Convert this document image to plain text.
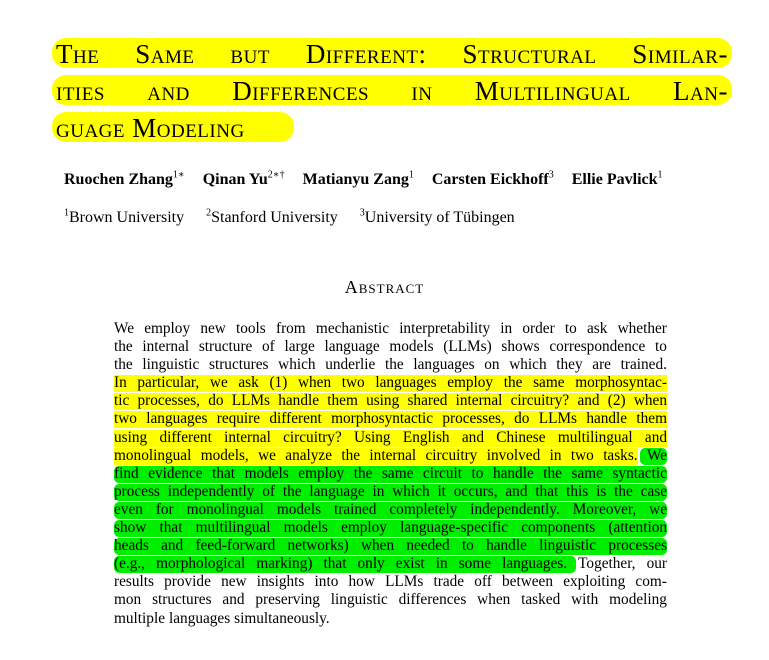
The Same but Different: Structural Similar-
ities and Differences in Multilingual Lan-
guage Modeling
Ruochen Zhang$^{1∗}$ Qinan $Yu^{2∗\dagger}$ Matianyu Zang$^1$ Carsten Eickhoff$^3$ Ellie Pavlick$^1$
$^1$Brown University $^2$Stanford University $^3$University of Tübingen
Abstract
We employ new tools from mechanistic interpretability in order to ask whether
the internal structure of large language models (LLMs) shows correspondence to
the linguistic structures which underlie the languages on which they are trained.
In particular, we ask (1) when two languages employ the same morphosyntac-
tic processes, do LLMs handle them using shared internal circuitry? and (2) when
two languages require different morphosyntactic processes, do LLMs handle them
using different internal circuitry? Using English and Chinese multilingual and
monolingual models, we analyze the internal circuitry involved in two tasks. We
find evidence that models employ the same circuit to handle the same syntactic
process independently of the language in which it occurs, and that this is the case
even for monolingual models trained completely independently. Moreover, we
show that multilingual models employ language-specific components (attention
heads and feed-forward networks) when needed to handle linguistic processes
(e.g., morphological marking) that only exist in some languages. Together, our
results provide new insights into how LLMs trade off between exploiting com-
mon structures and preserving linguistic differences when tasked with modeling
multiple languages simultaneously.
